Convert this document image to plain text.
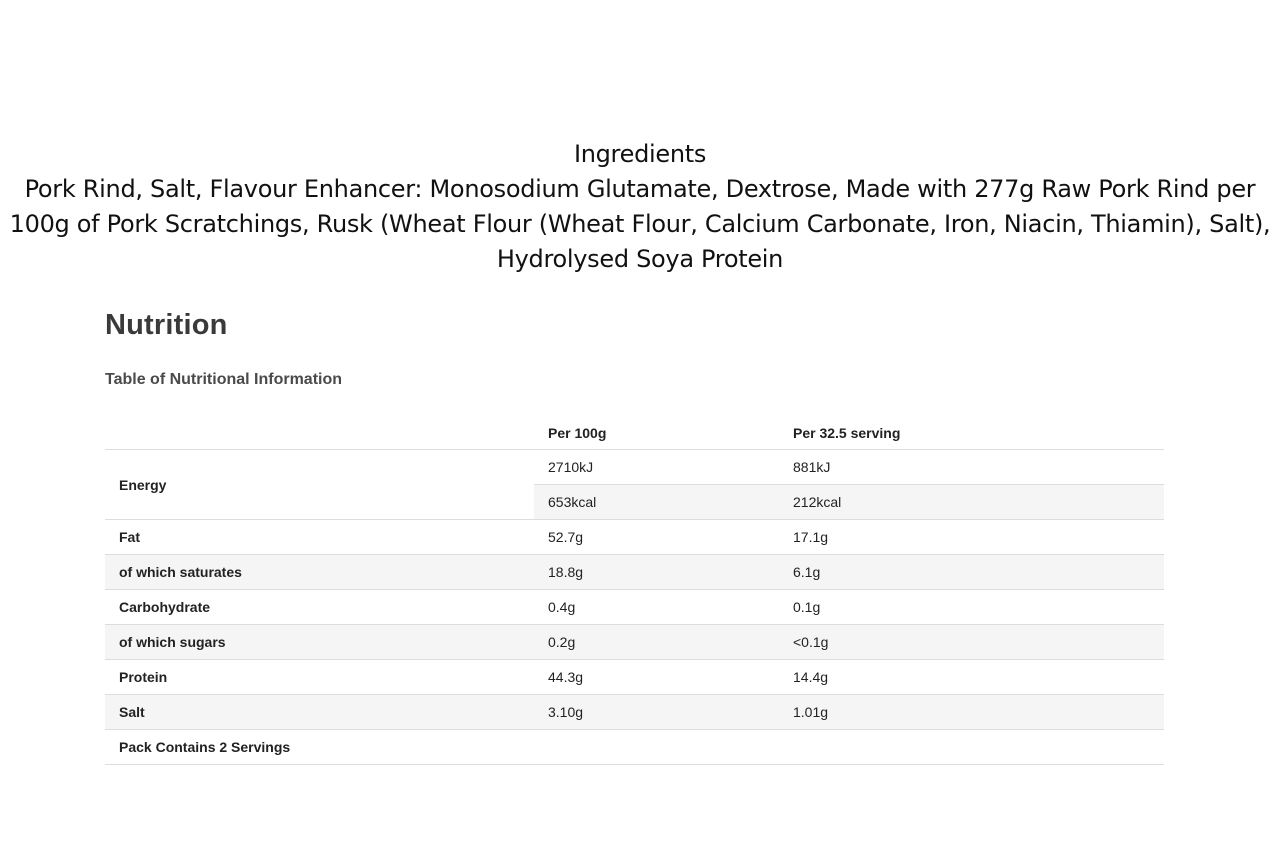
Ingredients
Pork Rind, Salt, Flavour Enhancer: Monosodium Glutamate, Dextrose, Made with 277g Raw Pork Rind per 100g of Pork Scratchings, Rusk (Wheat Flour (Wheat Flour, Calcium Carbonate, Iron, Niacin, Thiamin), Salt), Hydrolysed Soya Protein
Nutrition
Table of Nutritional Information
	Per 100g	Per 32.5 serving
Energy	2710kJ	881kJ
	653kcal	212kcal
Fat	52.7g	17.1g
of which saturates	18.8g	6.1g
Carbohydrate	0.4g	0.1g
of which sugars	0.2g	<0.1g
Protein	44.3g	14.4g
Salt	3.10g	1.01g
Pack Contains 2 Servings		
